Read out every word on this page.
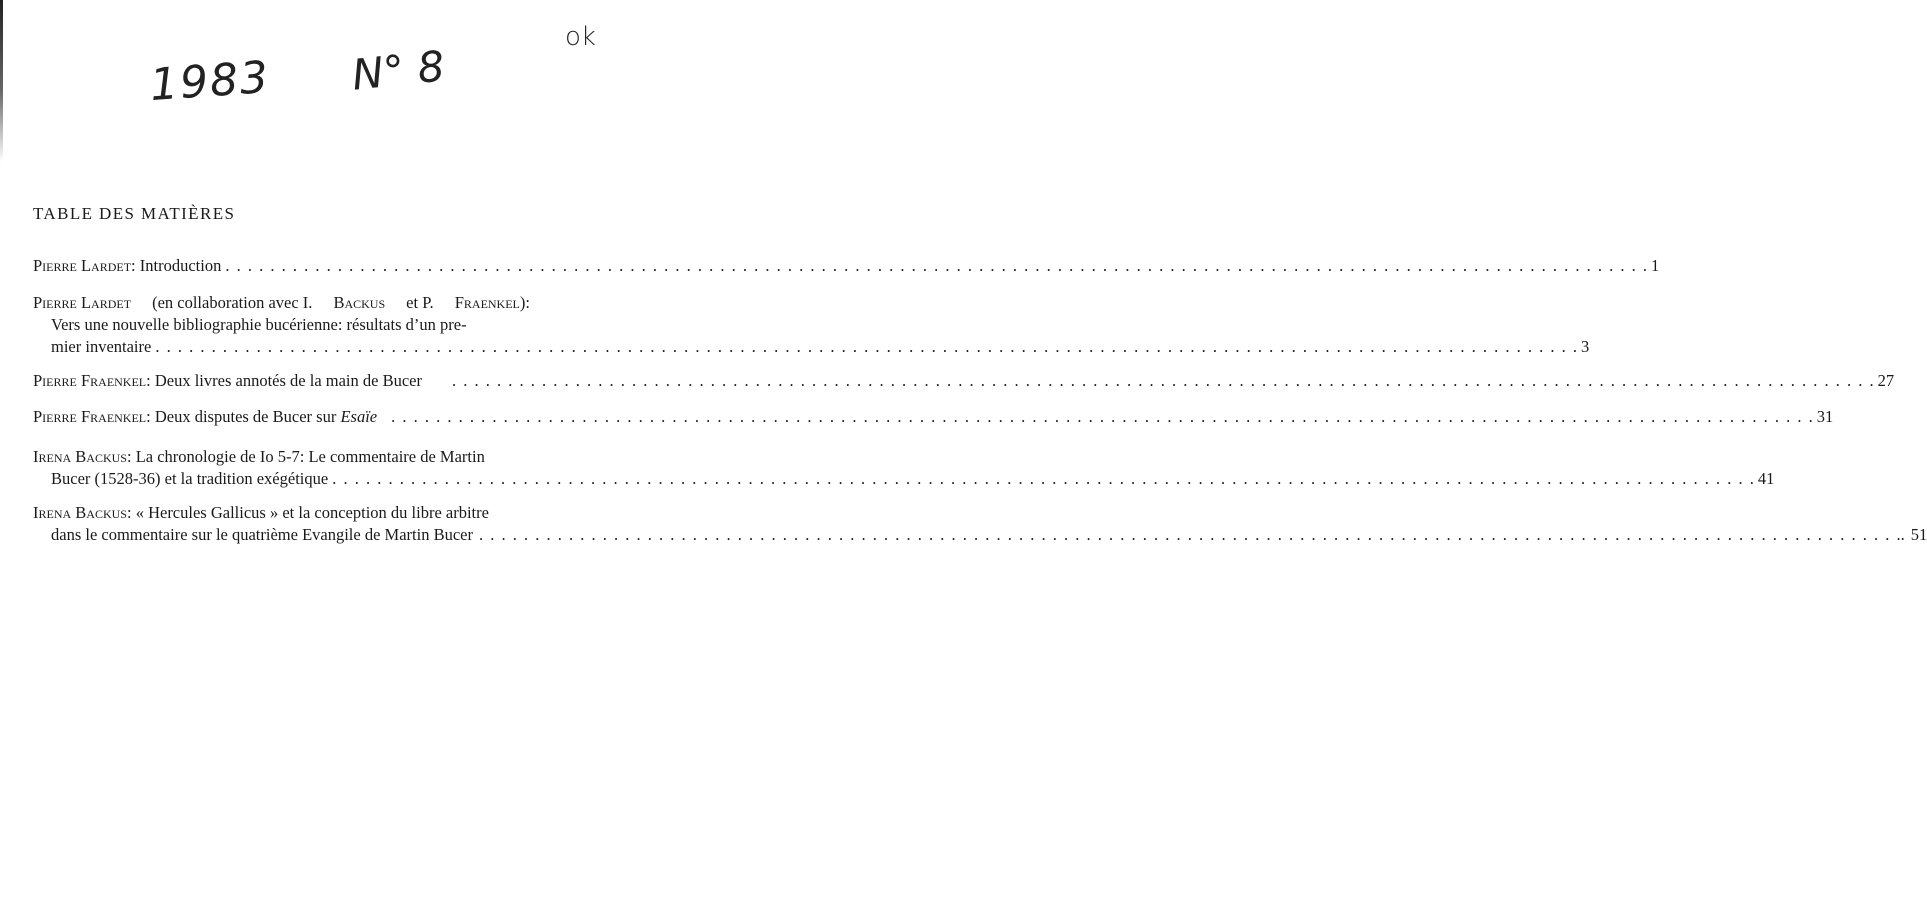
1983 N° 8
ok
TABLE DES MATIÈRES
Pierre Lardet: Introduction . . .	1
Pierre Lardet (en collaboration avec I. Backus et P. Fraenkel):
Vers une nouvelle bibliographie bucérienne: résultats d’un pre-
mier inventaire . . .	3
Pierre Fraenkel: Deux livres annotés de la main de Bucer . . .	27
Pierre Fraenkel: Deux disputes de Bucer sur Esaïe . . .	31
Irena Backus: La chronologie de Io 5-7: Le commentaire de Martin
Bucer (1528-36) et la tradition exégétique . . .	41
Irena Backus: « Hercules Gallicus » et la conception du libre arbitre
dans le commentaire sur le quatrième Evangile de Martin Bucer	. . . . 51
